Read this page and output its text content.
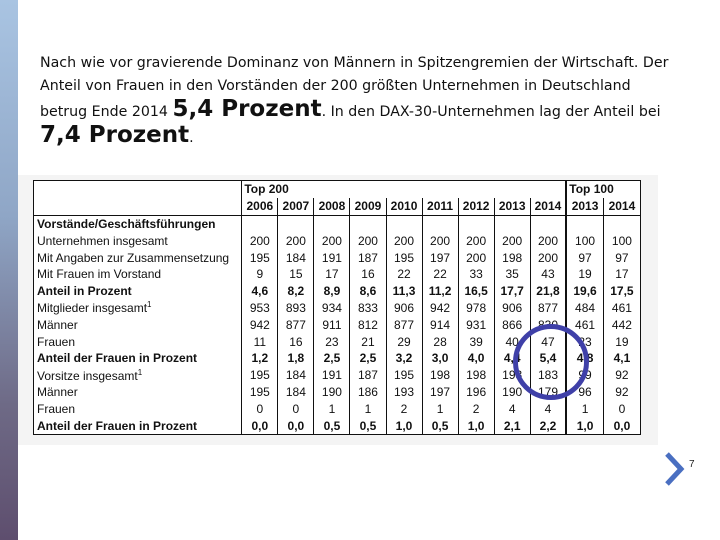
Nach wie vor gravierende Dominanz von Männern in Spitzengremien der Wirtschaft. Der Anteil von Frauen in den Vorständen der 200 größten Unternehmen in Deutschland betrug Ende 2014 5,4 Prozent. In den DAX-30-Unternehmen lag der Anteil bei 7,4 Prozent.
	Top 200									Top 100	
	2006	2007	2008	2009	2010	2011	2012	2013	2014	2013	2014
Vorstände/Geschäftsführungen											
Unternehmen insgesamt	200	200	200	200	200	200	200	200	200	100	100
Mit Angaben zur Zusammensetzung	195	184	191	187	195	197	200	198	200	97	97
Mit Frauen im Vorstand	9	15	17	16	22	22	33	35	43	19	17
Anteil in Prozent	4,6	8,2	8,9	8,6	11,3	11,2	16,5	17,7	21,8	19,6	17,5
Mitglieder insgesamt$^1$	953	893	934	833	906	942	978	906	877	484	461
Männer	942	877	911	812	877	914	931	866	830	461	442
Frauen	11	16	23	21	29	28	39	40	47	23	19
Anteil der Frauen in Prozent	1,2	1,8	2,5	2,5	3,2	3,0	4,0	4,4	5,4	4,8	4,1
Vorsitze insgesamt$^1$	195	184	191	187	195	198	198	193	183	99	92
Männer	195	184	190	186	193	197	196	190	179	96	92
Frauen	0	0	1	1	2	1	2	4	4	1	0
Anteil der Frauen in Prozent	0,0	0,0	0,5	0,5	1,0	0,5	1,0	2,1	2,2	1,0	0,0
7
